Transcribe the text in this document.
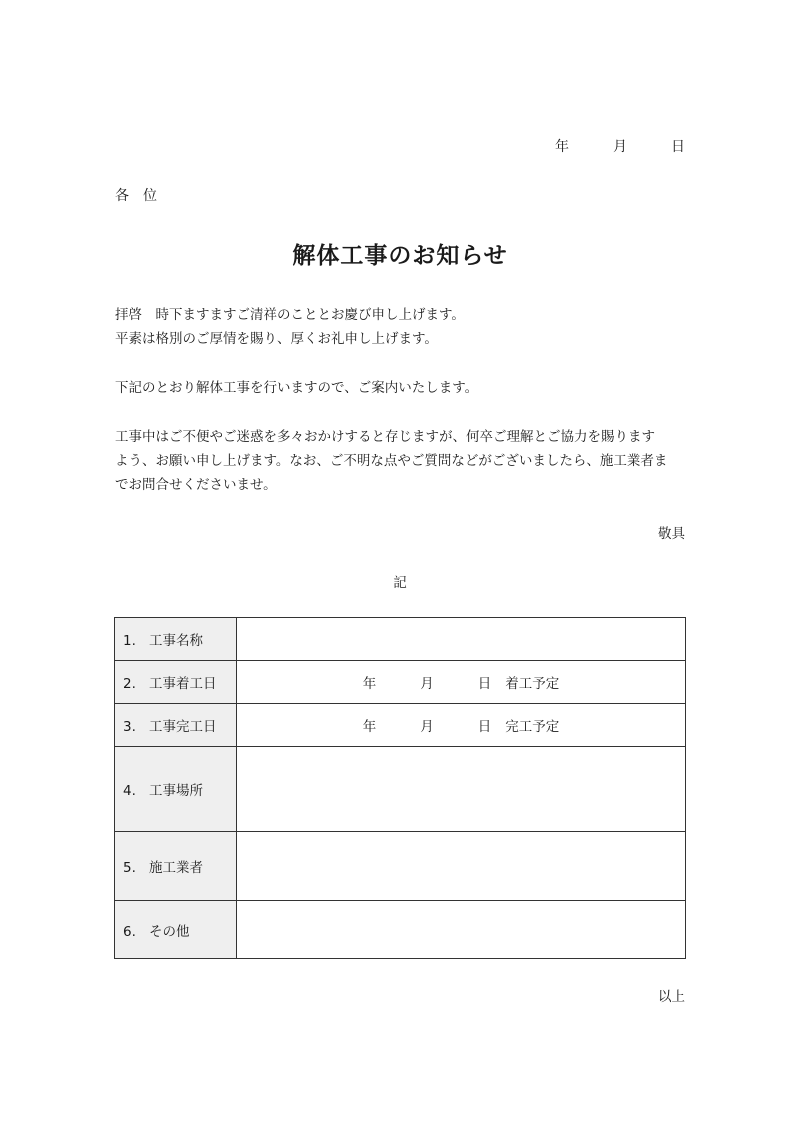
年	月	日
各位
解体工事のお知らせ

拝啓　時下ますますご清祥のこととお慶び申し上げます。

平素は格別のご厚情を賜り、厚くお礼申し上げます。

下記のとおり解体工事を行いますので、ご案内いたします。

工事中はご不便やご迷惑を多々おかけすると存じますが、何卒ご理解とご協力を賜ります

よう、お願い申し上げます。なお、ご不明な点やご質問などがございましたら、施工業者ま

でお問合せくださいませ。

敬具
記
1. 工事名称	
2. 工事着工日	年 月 日 着工予定
3. 工事完工日	年 月 日 完工予定
4. 工事場所	
5. 施工業者	
6. その他	
以上
